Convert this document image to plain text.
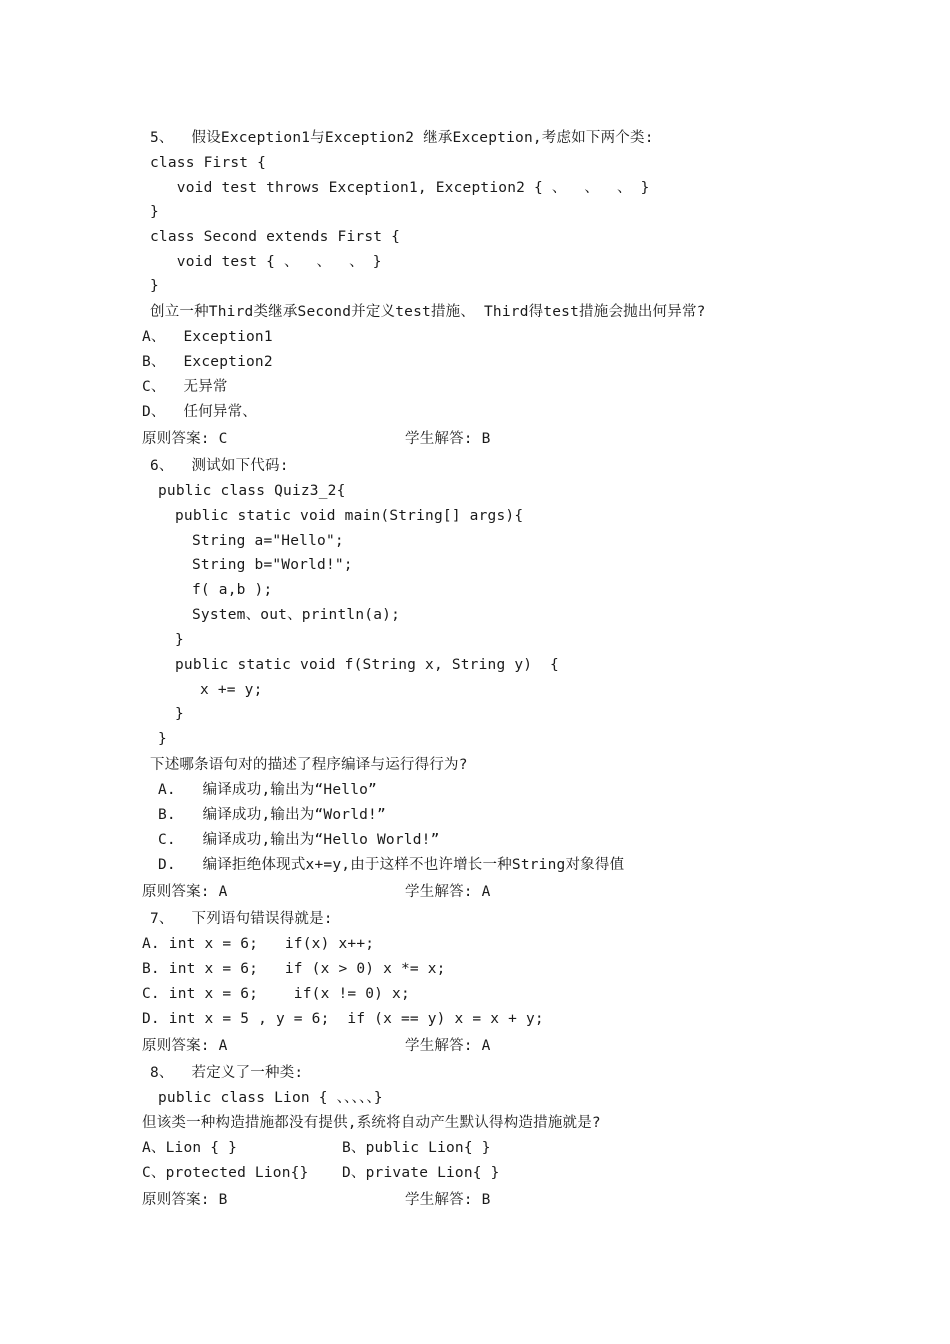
5、  假设Exception1与Exception2 继承Exception,考虑如下两个类:
class First {
void test throws Exception1, Exception2 { 、  、  、 }
}
class Second extends First {
void test { 、  、  、 }
}
创立一种Third类继承Second并定义test措施、 Third得test措施会抛出何异常?
A、  Exception1
B、  Exception2
C、  无异常
D、  任何异常、
原则答案: C	学生解答: B
6、  测试如下代码:
public class Quiz3_2{
public static void main(String[] args){
String a="Hello";
String b="World!";
f( a,b );
System、out、println(a);
}
public static void f(String x, String y)  {
x += y;
}
}
下述哪条语句对的描述了程序编译与运行得行为?
A.   编译成功,输出为“Hello”
B.   编译成功,输出为“World!”
C.   编译成功,输出为“Hello World!”
D.   编译拒绝体现式x+=y,由于这样不也许增长一种String对象得值
原则答案: A	学生解答: A
7、  下列语句错误得就是:
A. int x = 6;   if(x) x++;
B. int x = 6;   if (x > 0) x *= x;
C. int x = 6;    if(x != 0) x;
D. int x = 5 , y = 6;  if (x == y) x = x + y;
原则答案: A	学生解答: A
8、  若定义了一种类:
public class Lion { 、、、、、}
但该类一种构造措施都没有提供,系统将自动产生默认得构造措施就是?
A、Lion { }	B、public Lion{ }
C、protected Lion{} D、private Lion{ }
原则答案: B	学生解答: B
